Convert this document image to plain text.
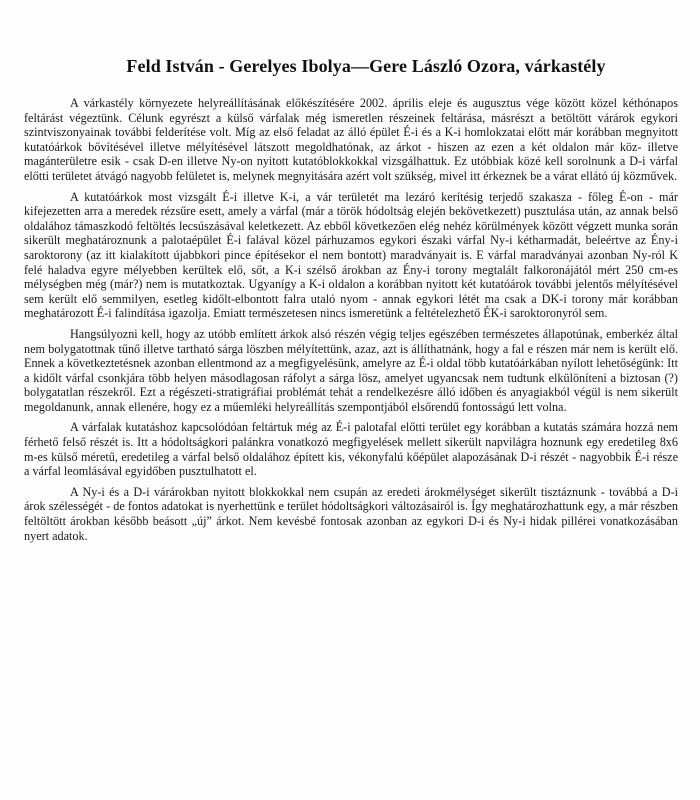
Feld István - Gerelyes Ibolya—Gere László Ozora, várkastély

A várkastély környezete helyreállításának előkészítésére 2002. április eleje és augusztus vége között közel kéthónapos feltárást végeztünk. Célunk egyrészt a külső várfalak még ismeretlen részeinek feltárása, másrészt a betöltött várárok egykori szintviszonyainak további felderítése volt. Míg az első feladat az álló épület É-i és a K-i homlokzatai előtt már korábban megnyitott kutatóárkok bővítésével illetve mélyítésével látszott megoldhatónak, az árkot - hiszen az ezen a két oldalon már köz- illetve magánterületre esik - csak D-en illetve Ny-on nyitott kutatóblokkokkal vizsgálhattuk. Ez utóbbiak közé kell sorolnunk a D-i várfal előtti területet átvágó nagyobb felületet is, melynek megnyitására azért volt szükség, mivel itt érkeznek be a várat ellátó új közművek.

A kutatóárkok most vizsgált É-i illetve K-i, a vár területét ma lezáró kerítésig terjedő szakasza - főleg É-on - már kifejezetten arra a meredek rézsűre esett, amely a várfal (már a török hódoltság elején bekövetkezett) pusztulása után, az annak belső oldalához támaszkodó feltöltés lecsúszásával keletkezett. Az ebből következően elég nehéz körülmények között végzett munka során sikerült meghatároznunk a palotaépület É-i falával közel párhuzamos egykori északi várfal Ny-i kétharmadát, beleértve az Ény-i saroktorony (az itt kialakított újabbkori pince építésekor el nem bontott) maradványait is. E várfal maradványai azonban Ny-ról K felé haladva egyre mélyebben kerültek elő, sőt, a K-i szélső árokban az Ény-i torony megtalált falkoronájától mért 250 cm-es mélységben még (már?) nem is mutatkoztak. Ugyanígy a K-i oldalon a korábban nyitott két kutatóárok további jelentős mélyítésével sem került elő semmilyen, esetleg kidőlt-elbontott falra utaló nyom - annak egykori létét ma csak a DK-i torony már korábban meghatározott É-i falindítása igazolja. Emiatt természetesen nincs ismeretünk a feltételezhető ÉK-i saroktoronyról sem.

Hangsúlyozni kell, hogy az utóbb említett árkok alsó részén végig teljes egészében természetes állapotúnak, emberkéz által nem bolygatottnak tűnő illetve tartható sárga löszben mélyítettünk, azaz, azt is állíthatnánk, hogy a fal e részen már nem is került elő. Ennek a következtetésnek azonban ellentmond az a megfigyelésünk, amelyre az É-i oldal több kutatóárkában nyílott lehetőségünk: Itt a kidőlt várfal csonkjára több helyen másodlagosan ráfolyt a sárga lösz, amelyet ugyancsak nem tudtunk elkülöníteni a biztosan (?) bolygatatlan részekről. Ezt a régészeti-stratigráfiai problémát tehát a rendelkezésre álló időben és anyagiakból végül is nem sikerült megoldanunk, annak ellenére, hogy ez a műemléki helyreállítás szempontjából elsőrendű fontosságú lett volna.

A várfalak kutatáshoz kapcsolódóan feltártuk még az É-i palotafal előtti terület egy korábban a kutatás számára hozzá nem férhető felső részét is. Itt a hódoltságkori palánkra vonatkozó megfigyelések mellett sikerült napvilágra hoznunk egy eredetileg 8x6 m-es külső méretű, eredetileg a várfal belső oldalához épített kis, vékonyfalú kőépület alapozásának D-i részét - nagyobbik É-i része a várfal leomlásával egyidőben pusztulhatott el.

A Ny-i és a D-i várárokban nyitott blokkokkal nem csupán az eredeti árokmélységet sikerült tisztáznunk - továbbá a D-i árok szélességét - de fontos adatokat is nyerhettünk e terület hódoltságkori változásairól is. Így meghatározhattunk egy, a már részben feltöltött árokban később beásott „új” árkot. Nem kevésbé fontosak azonban az egykori D-i és Ny-i hidak pillérei vonatkozásában nyert adatok.
